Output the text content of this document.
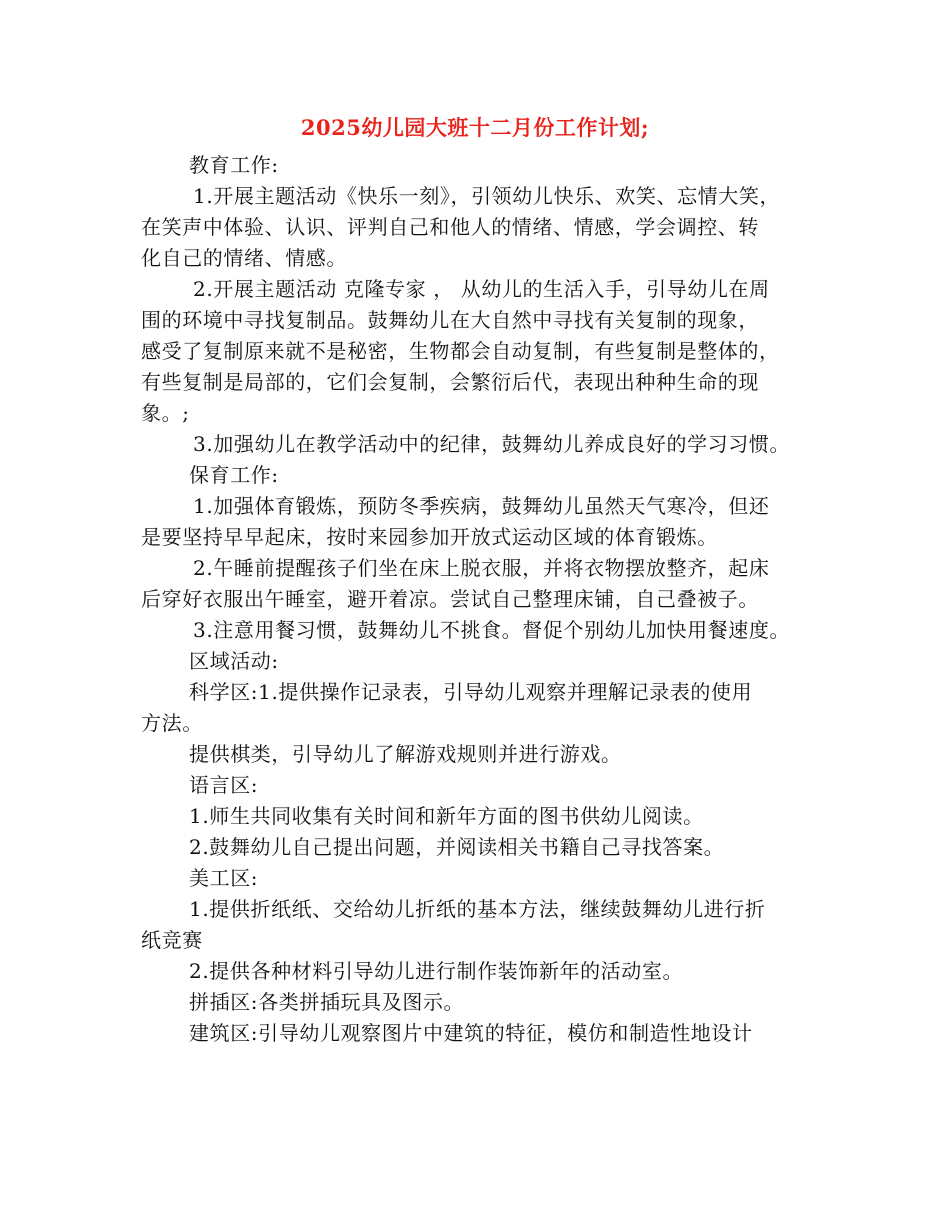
2025幼儿园大班十二月份工作计划;
教育工作:
1.开展主题活动《快乐一刻》，引领幼儿快乐、欢笑、忘情大笑，
在笑声中体验、认识、评判自己和他人的情绪、情感，学会调控、转
化自己的情绪、情感。
2.开展主题活动 克隆专家 ， 从幼儿的生活入手，引导幼儿在周
围的环境中寻找复制品。鼓舞幼儿在大自然中寻找有关复制的现象，
感受了复制原来就不是秘密，生物都会自动复制，有些复制是整体的，
有些复制是局部的，它们会复制，会繁衍后代，表现出种种生命的现
象。;
3.加强幼儿在教学活动中的纪律，鼓舞幼儿养成良好的学习习惯。
保育工作:
1.加强体育锻炼，预防冬季疾病，鼓舞幼儿虽然天气寒冷，但还
是要坚持早早起床，按时来园参加开放式运动区域的体育锻炼。
2.午睡前提醒孩子们坐在床上脱衣服，并将衣物摆放整齐，起床
后穿好衣服出午睡室，避开着凉。尝试自己整理床铺，自己叠被子。
3.注意用餐习惯，鼓舞幼儿不挑食。督促个别幼儿加快用餐速度。
区域活动:
科学区:1.提供操作记录表，引导幼儿观察并理解记录表的使用
方法。
提供棋类，引导幼儿了解游戏规则并进行游戏。
语言区:
1.师生共同收集有关时间和新年方面的图书供幼儿阅读。
2.鼓舞幼儿自己提出问题，并阅读相关书籍自己寻找答案。
美工区:
1.提供折纸纸、交给幼儿折纸的基本方法，继续鼓舞幼儿进行折
纸竞赛
2.提供各种材料引导幼儿进行制作装饰新年的活动室。
拼插区:各类拼插玩具及图示。
建筑区:引导幼儿观察图片中建筑的特征，模仿和制造性地设计
